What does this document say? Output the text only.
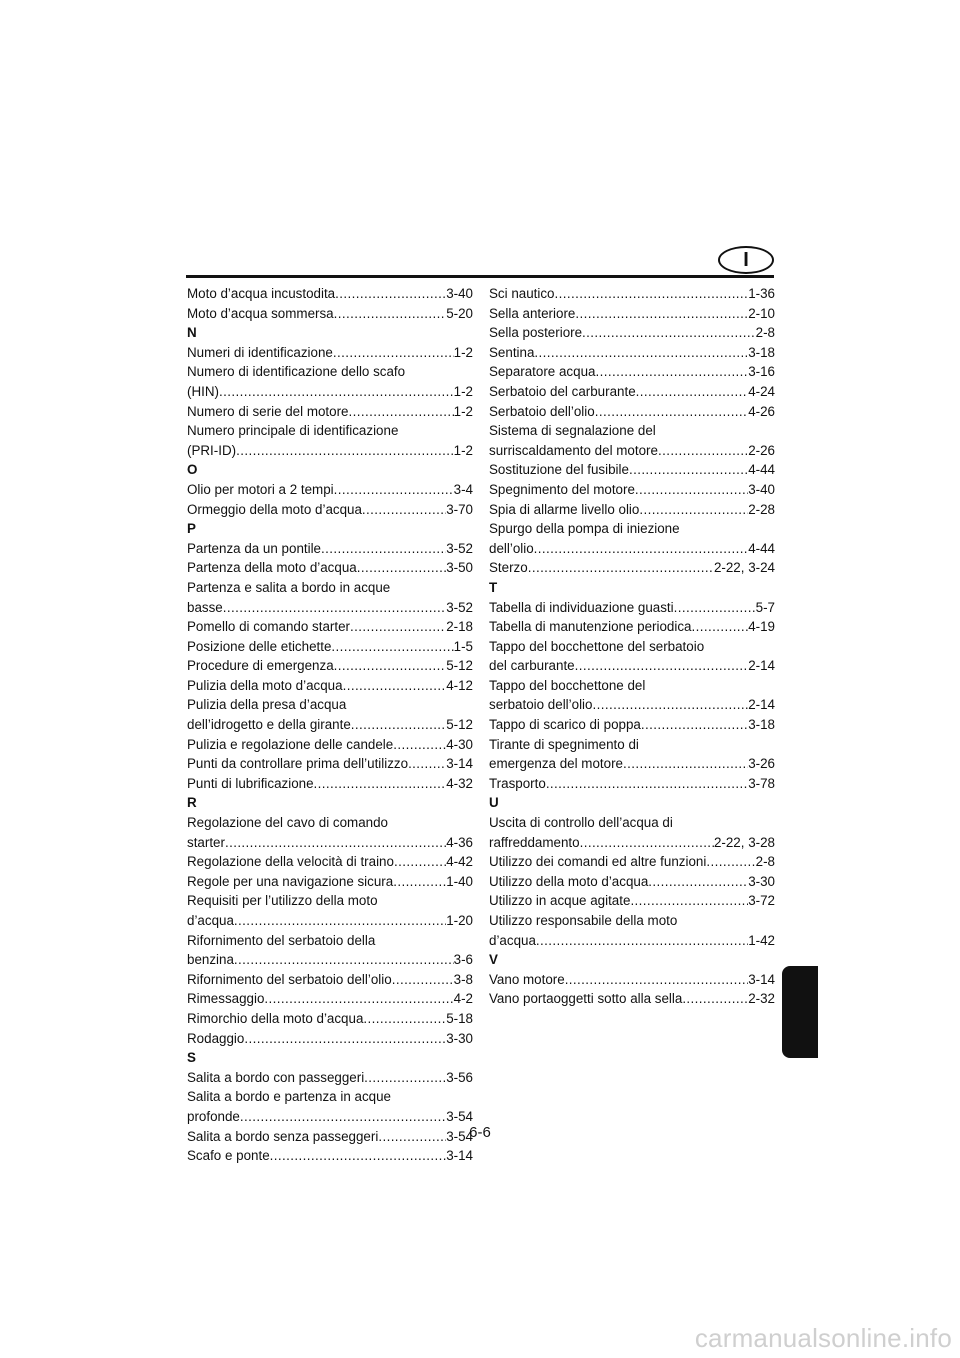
I
Moto d’acqua incustodita .....	3-40
Moto d’acqua sommersa .....	5-20
N
Numeri di identificazione .....	1-2
Numero di identificazione dello scafo
(HIN) .....	1-2
Numero di serie del motore .....	1-2
Numero principale di identificazione
(PRI-ID) .....	1-2
O
Olio per motori a 2 tempi .....	3-4
Ormeggio della moto d’acqua .....	3-70
P
Partenza da un pontile .....	3-52
Partenza della moto d’acqua .....	3-50
Partenza e salita a bordo in acque
basse .....	3-52
Pomello di comando starter .....	2-18
Posizione delle etichette .....	1-5
Procedure di emergenza .....	5-12
Pulizia della moto d’acqua .....	4-12
Pulizia della presa d’acqua
dell’idrogetto e della girante .....	5-12
Pulizia e regolazione delle candele .....	4-30
Punti da controllare prima dell’utilizzo .....	3-14
Punti di lubrificazione .....	4-32
R
Regolazione del cavo di comando
starter .....	4-36
Regolazione della velocità di traino .....	4-42
Regole per una navigazione sicura .....	1-40
Requisiti per l’utilizzo della moto
d’acqua .....	1-20
Rifornimento del serbatoio della
benzina .....	3-6
Rifornimento del serbatoio dell’olio .....	3-8
Rimessaggio .....	4-2
Rimorchio della moto d’acqua .....	5-18
Rodaggio .....	3-30
S
Salita a bordo con passeggeri .....	3-56
Salita a bordo e partenza in acque
profonde .....	3-54
Salita a bordo senza passeggeri .....	3-54
Scafo e ponte .....	3-14
Sci nautico .....	1-36
Sella anteriore .....	2-10
Sella posteriore .....	2-8
Sentina .....	3-18
Separatore acqua .....	3-16
Serbatoio del carburante .....	4-24
Serbatoio dell’olio .....	4-26
Sistema di segnalazione del
surriscaldamento del motore .....	2-26
Sostituzione del fusibile .....	4-44
Spegnimento del motore .....	3-40
Spia di allarme livello olio .....	2-28
Spurgo della pompa di iniezione
dell’olio .....	4-44
Sterzo .....	2-22, 3-24
T
Tabella di individuazione guasti .....	5-7
Tabella di manutenzione periodica .....	4-19
Tappo del bocchettone del serbatoio
del carburante .....	2-14
Tappo del bocchettone del
serbatoio dell’olio .....	2-14
Tappo di scarico di poppa .....	3-18
Tirante di spegnimento di
emergenza del motore .....	3-26
Trasporto .....	3-78
U
Uscita di controllo dell’acqua di
raffreddamento .....	2-22, 3-28
Utilizzo dei comandi ed altre funzioni .....	2-8
Utilizzo della moto d’acqua .....	3-30
Utilizzo in acque agitate .....	3-72
Utilizzo responsabile della moto
d’acqua .....	1-42
V
Vano motore .....	3-14
Vano portaoggetti sotto alla sella .....	2-32
6-6
carmanualsonline.info
